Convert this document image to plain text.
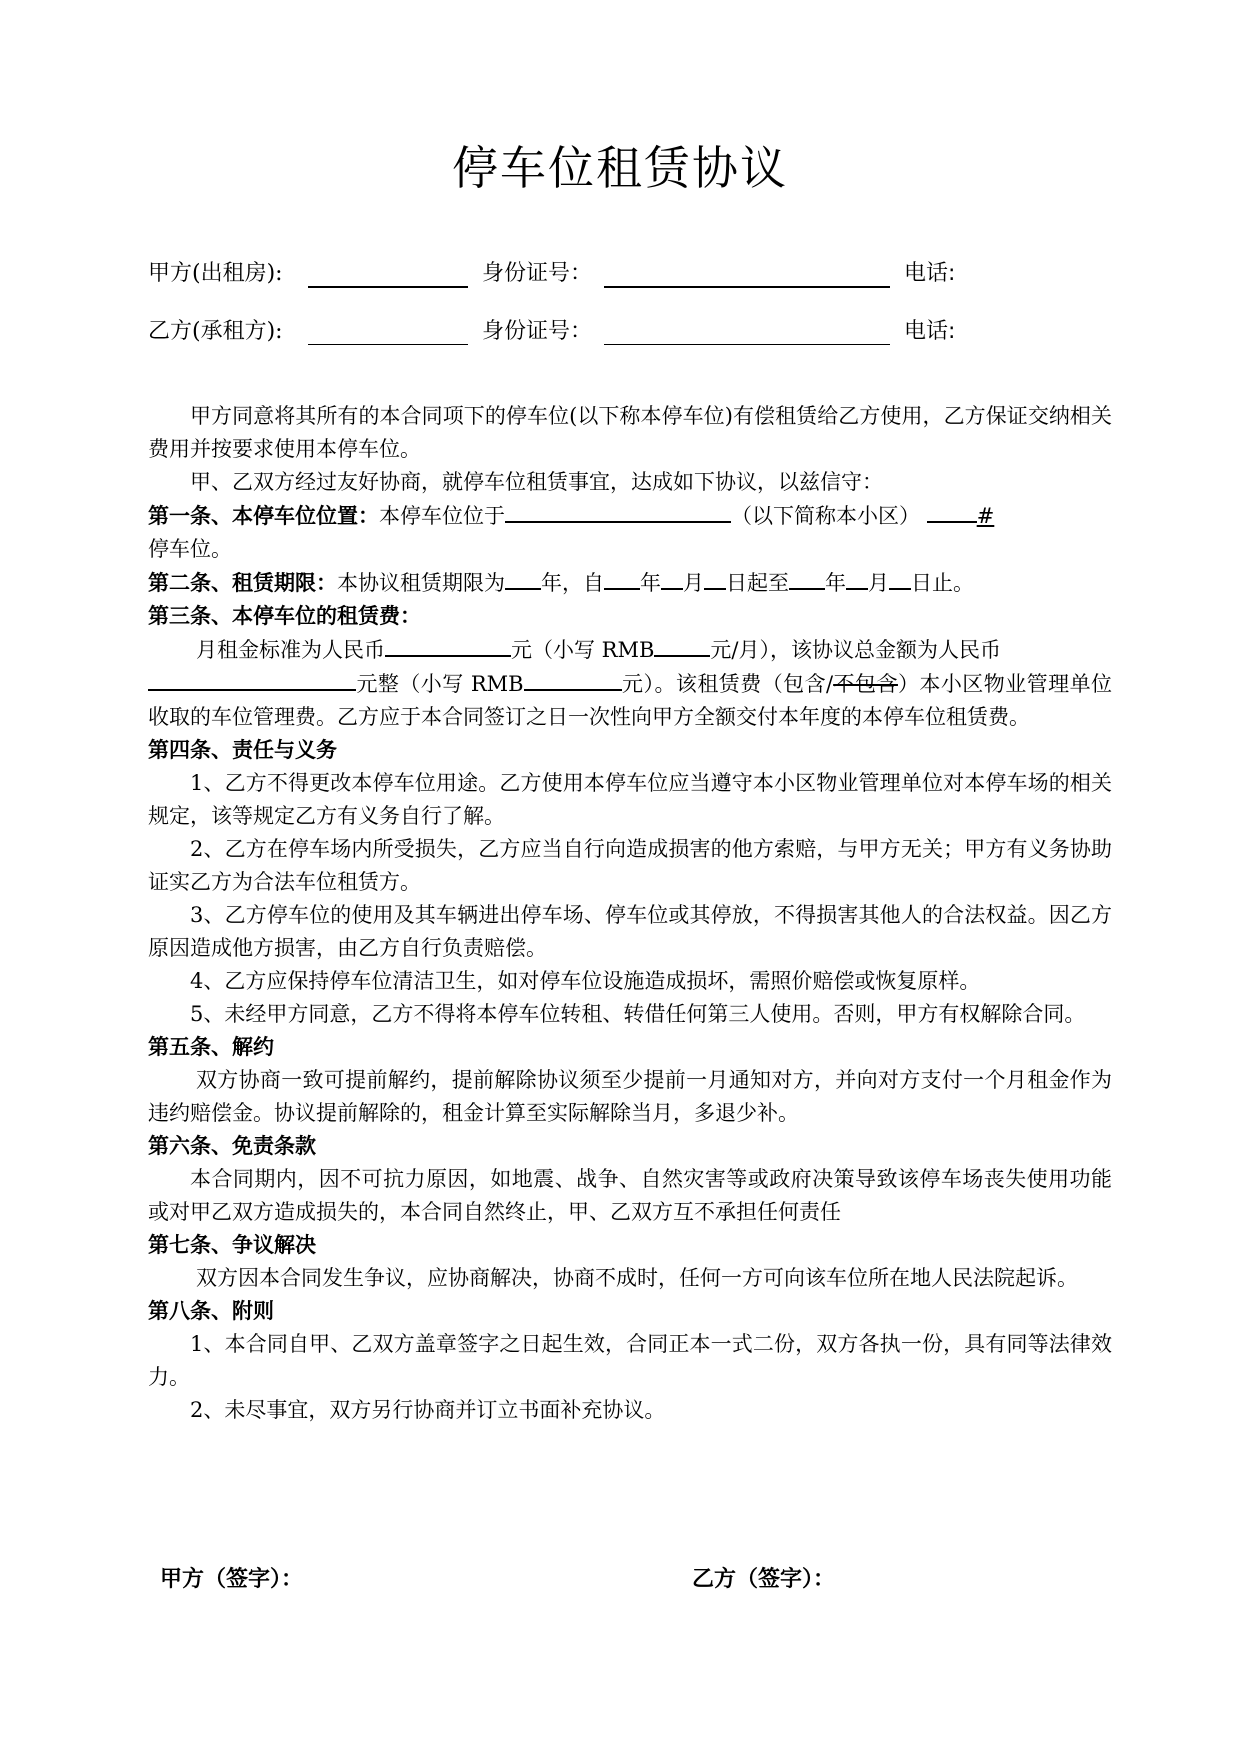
停车位租赁协议
甲方(出租房):	身份证号：	电话:
乙方(承租方):	身份证号：	电话:

甲方同意将其所有的本合同项下的停车位(以下称本停车位)有偿租赁给乙方使用，乙方保证交纳相关费用并按要求使用本停车位。

甲、乙双方经过友好协商，就停车位租赁事宜，达成如下协议，以兹信守：

第一条、本停车位位置：本停车位位于	（以下简称本小区）	#
停车位。

第二条、租赁期限：本协议租赁期限为 年，自 年 月 日起至 年 月 日止。

第三条、本停车位的租赁费：

月租金标准为人民币	元（小写 RMB	元/月），该协议总金额为人民币
元整（小写 RMB	元）。该租赁费（包含/不包含）本小区物业管理单位收取的车位管理费。乙方应于本合同签订之日一次性向甲方全额交付本年度的本停车位租赁费。

第四条、责任与义务

1、乙方不得更改本停车位用途。乙方使用本停车位应当遵守本小区物业管理单位对本停车场的相关规定，该等规定乙方有义务自行了解。

2、乙方在停车场内所受损失，乙方应当自行向造成损害的他方索赔，与甲方无关；甲方有义务协助证实乙方为合法车位租赁方。

3、乙方停车位的使用及其车辆进出停车场、停车位或其停放，不得损害其他人的合法权益。因乙方原因造成他方损害，由乙方自行负责赔偿。

4、乙方应保持停车位清洁卫生，如对停车位设施造成损坏，需照价赔偿或恢复原样。

5、未经甲方同意，乙方不得将本停车位转租、转借任何第三人使用。否则，甲方有权解除合同。

第五条、解约

双方协商一致可提前解约，提前解除协议须至少提前一月通知对方，并向对方支付一个月租金作为违约赔偿金。协议提前解除的，租金计算至实际解除当月，多退少补。

第六条、免责条款

本合同期内，因不可抗力原因，如地震、战争、自然灾害等或政府决策导致该停车场丧失使用功能或对甲乙双方造成损失的，本合同自然终止，甲、乙双方互不承担任何责任

第七条、争议解决

双方因本合同发生争议，应协商解决，协商不成时，任何一方可向该车位所在地人民法院起诉。

第八条、附则

1、本合同自甲、乙双方盖章签字之日起生效，合同正本一式二份，双方各执一份，具有同等法律效力。

2、未尽事宜，双方另行协商并订立书面补充协议。

甲方（签字）：	乙方（签字）：
